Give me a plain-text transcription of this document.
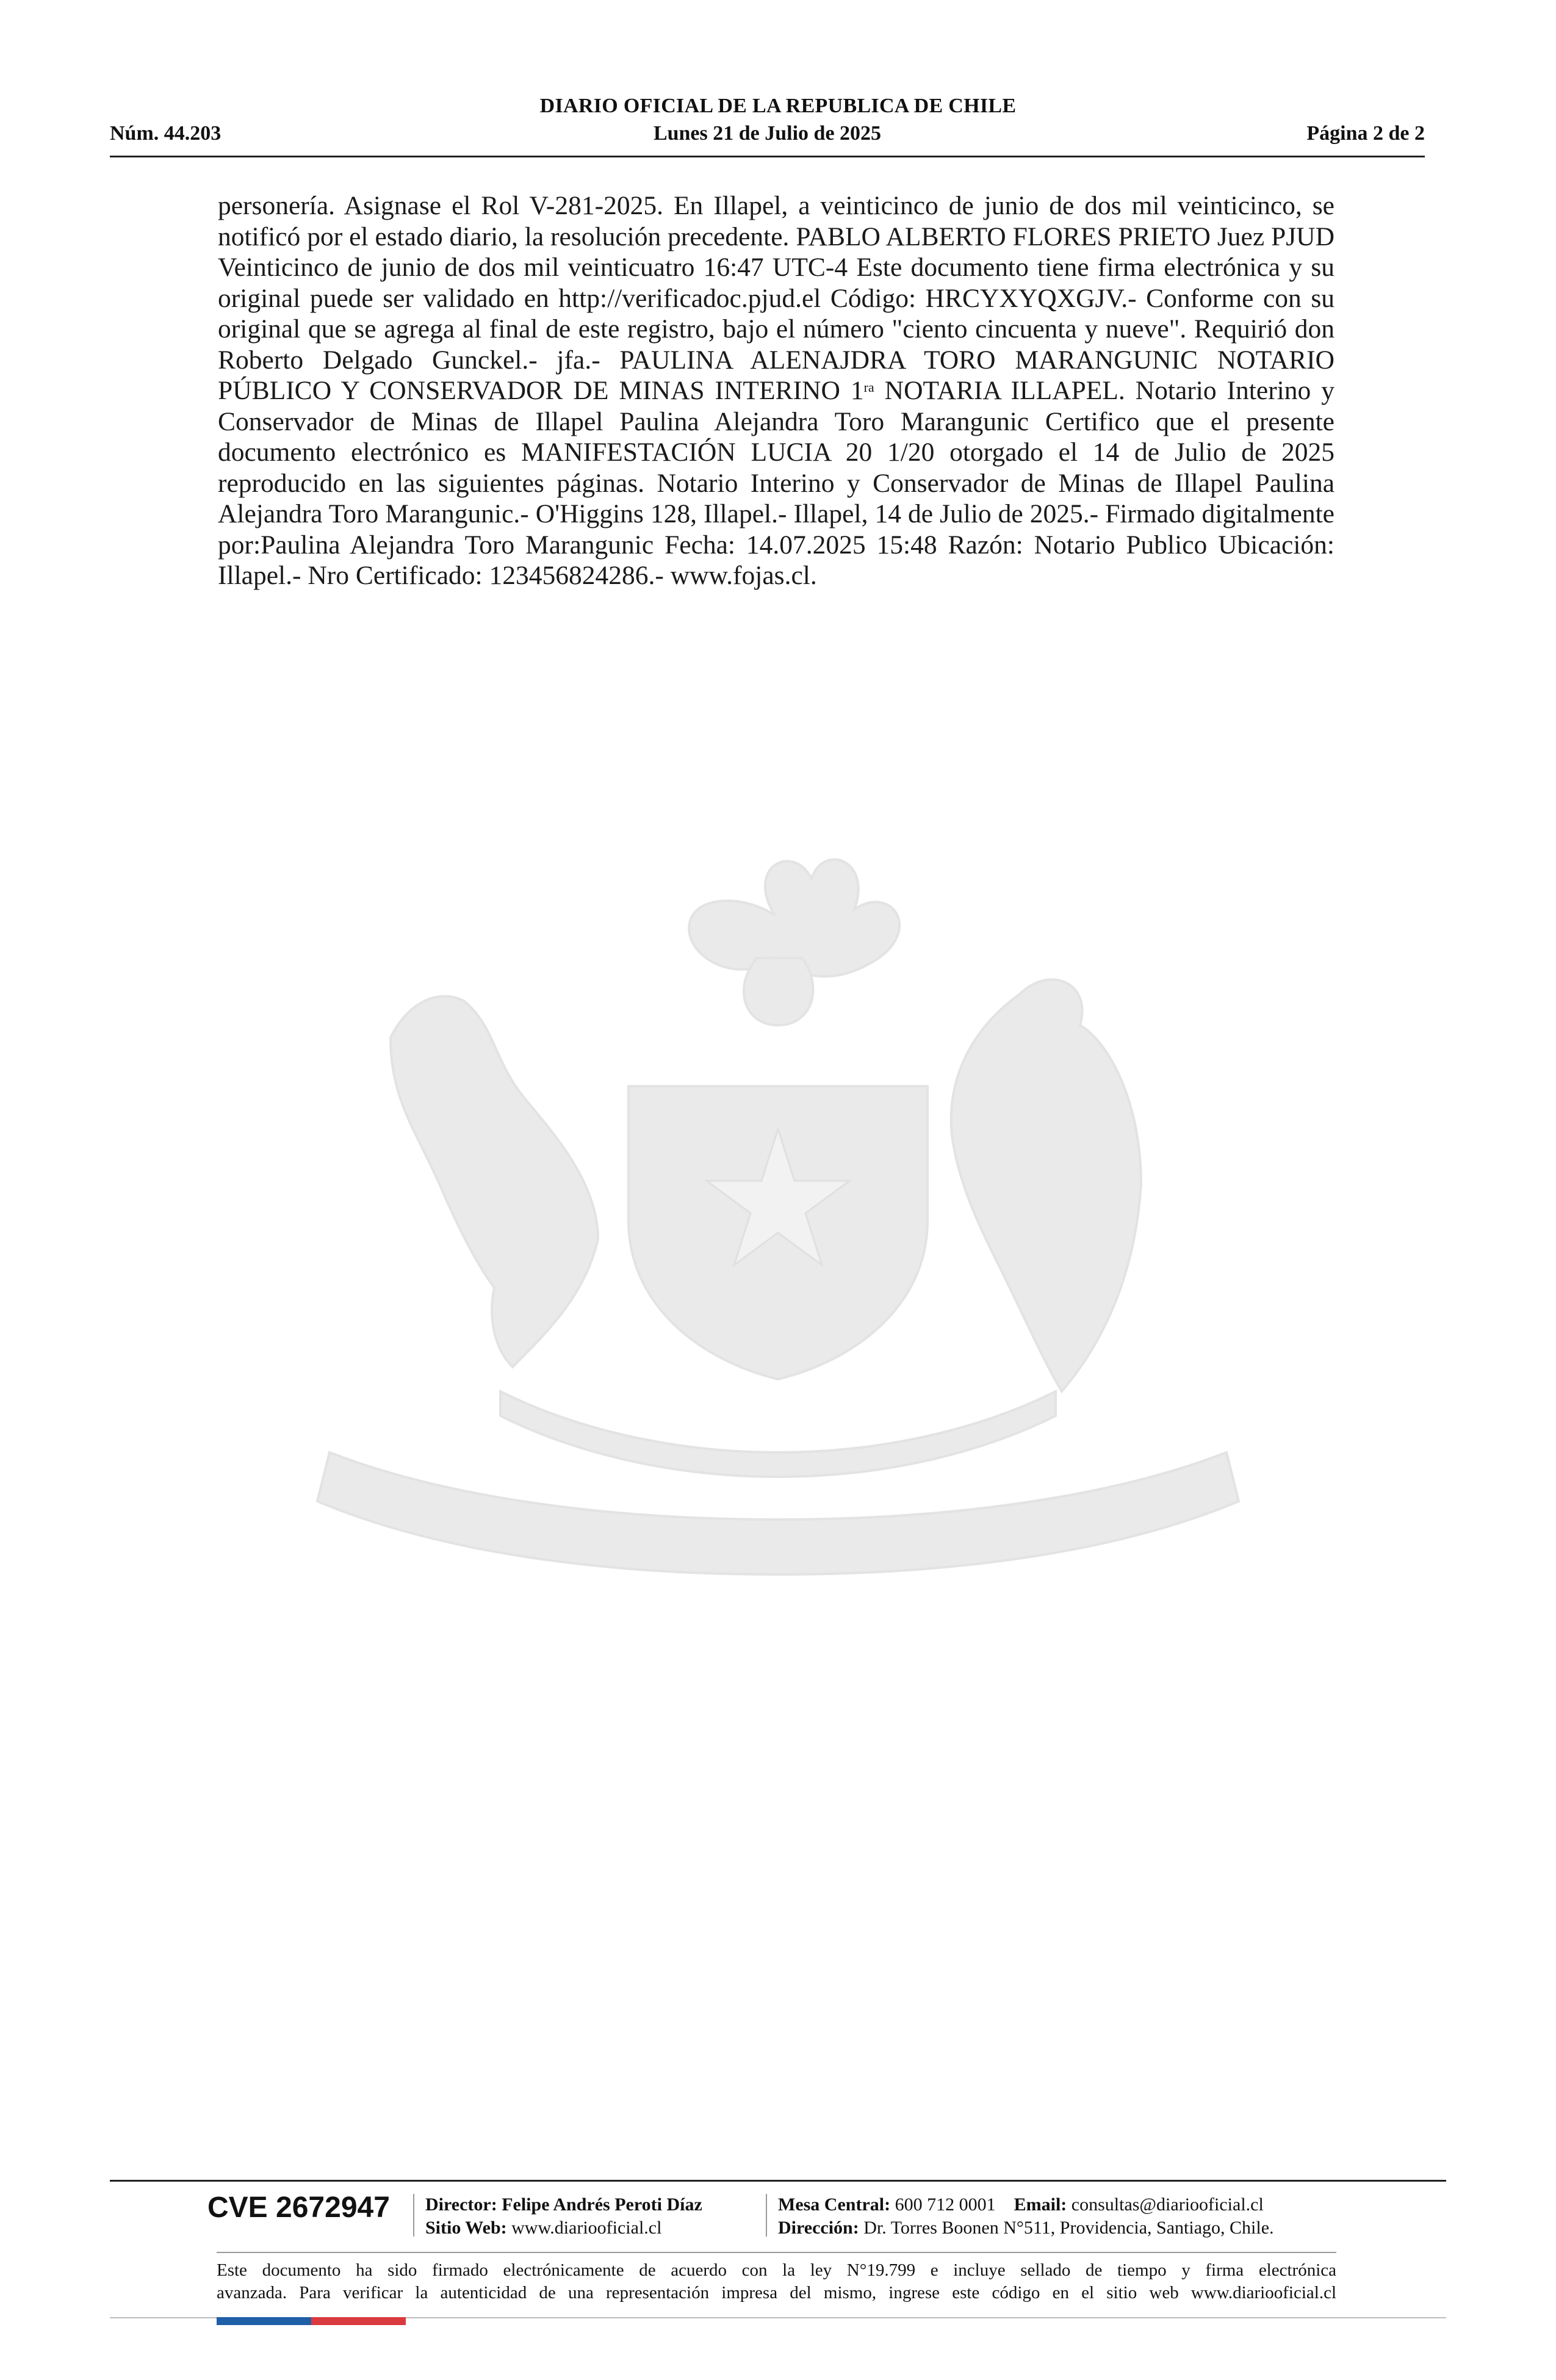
DIARIO OFICIAL DE LA REPUBLICA DE CHILE
Núm. 44.203	Lunes 21 de Julio de 2025	Página 2 de 2
personería. Asignase el Rol V-281-2025. En Illapel, a veinticinco de junio de dos mil veinticinco, se notificó por el estado diario, la resolución precedente. PABLO ALBERTO FLORES PRIETO Juez PJUD Veinticinco de junio de dos mil veinticuatro 16:47 UTC-4 Este documento tiene firma electrónica y su original puede ser validado en http://verificadoc.pjud.el Código: HRCYXYQXGJV.- Conforme con su original que se agrega al final de este registro, bajo el número "ciento cincuenta y nueve". Requirió don Roberto Delgado Gunckel.- jfa.- PAULINA ALENAJDRA TORO MARANGUNIC NOTARIO PÚBLICO Y CONSERVADOR DE MINAS INTERINO $1^{ra}$ NOTARIA ILLAPEL. Notario Interino y Conservador de Minas de Illapel Paulina Alejandra Toro Marangunic Certifico que el presente documento electrónico es MANIFESTACIÓN LUCIA 20 1/20 otorgado el 14 de Julio de 2025 reproducido en las siguientes páginas. Notario Interino y Conservador de Minas de Illapel Paulina Alejandra Toro Marangunic.- O'Higgins 128, Illapel.- Illapel, 14 de Julio de 2025.- Firmado digitalmente por:Paulina Alejandra Toro Marangunic Fecha: 14.07.2025 15:48 Razón: Notario Publico Ubicación: Illapel.- Nro Certificado: 123456824286.- www.fojas.cl.
CVE 2672947 Director: Felipe Andrés Peroti Díaz
Sitio Web: www.diariooficial.cl
Mesa Central: 600 712 0001 Email: consultas@diariooficial.cl
Dirección: Dr. Torres Boonen N°511, Providencia, Santiago, Chile.
Este documento ha sido firmado electrónicamente de acuerdo con la ley N°19.799 e incluye sellado de tiempo y firma electrónica
avanzada. Para verificar la autenticidad de una representación impresa del mismo, ingrese este código en el sitio web www.diariooficial.cl
